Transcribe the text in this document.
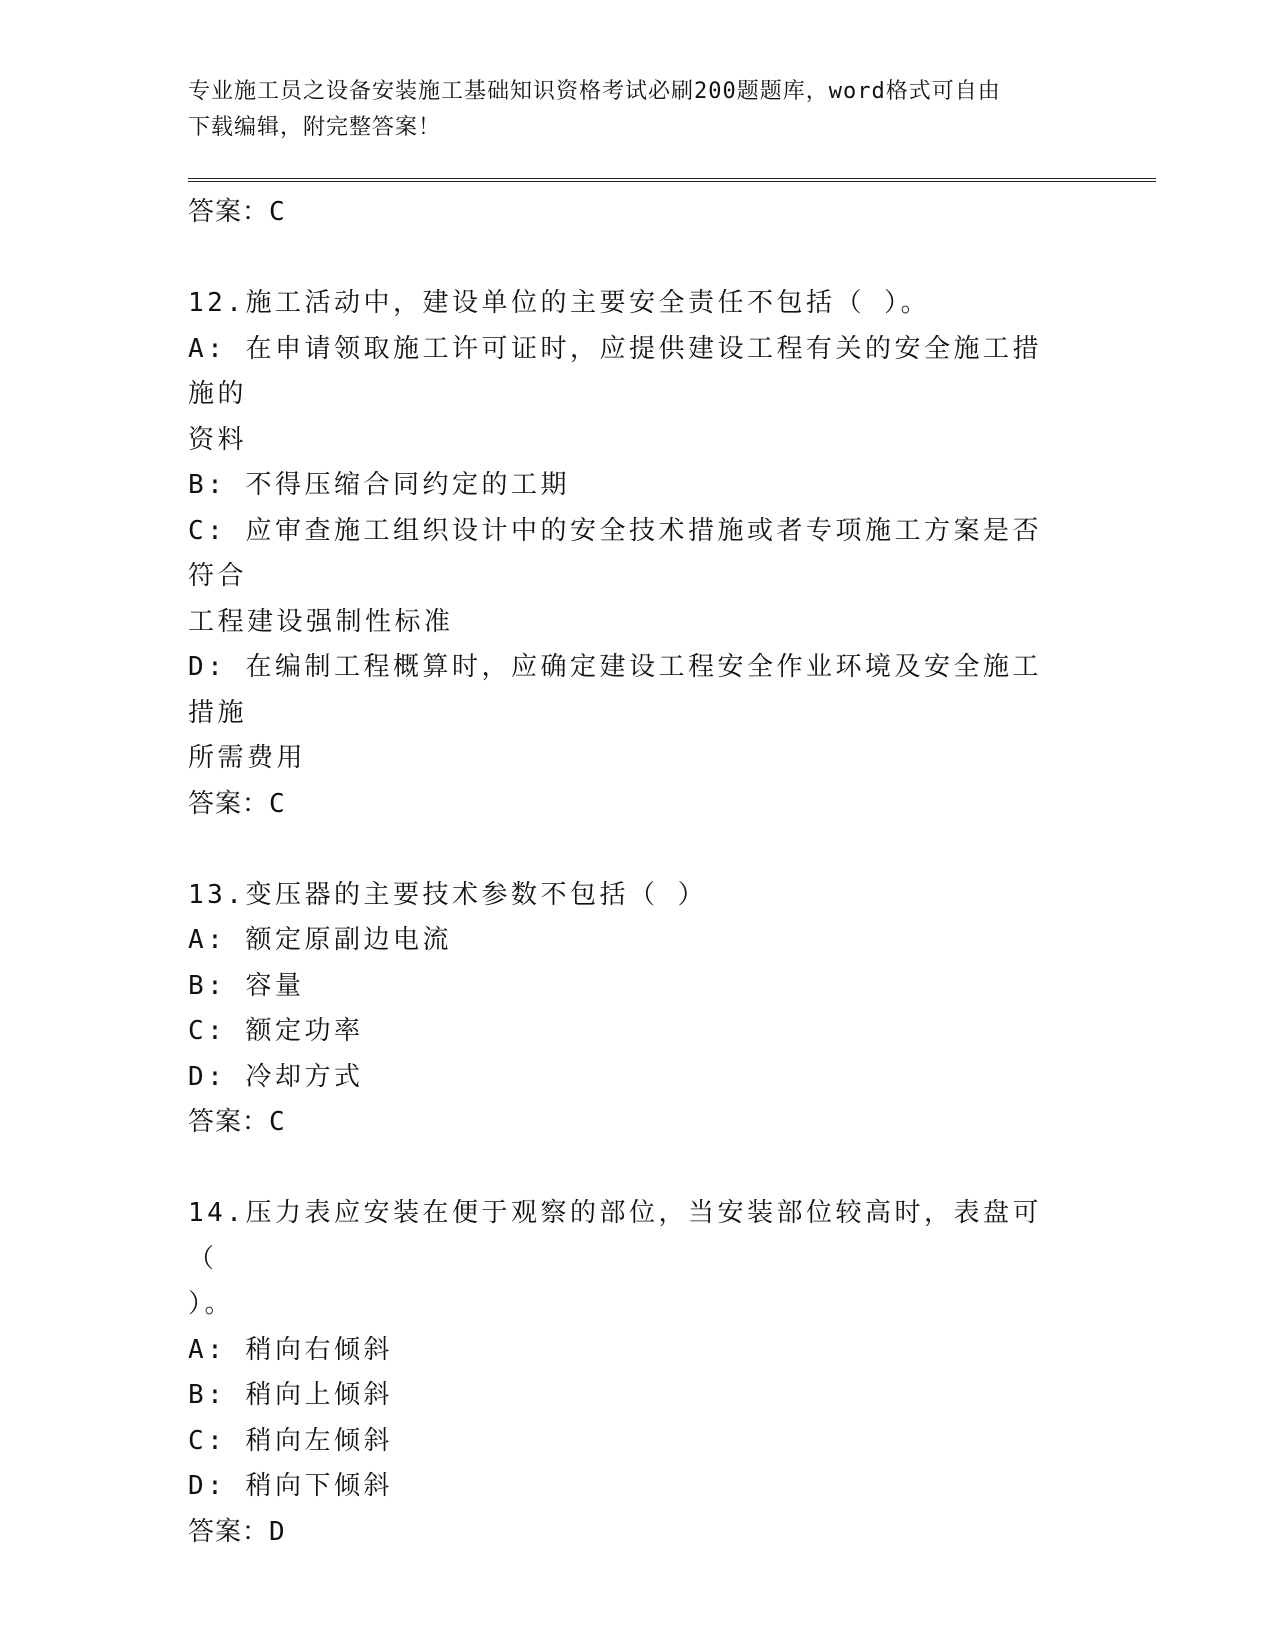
专业施工员之设备安装施工基础知识资格考试必刷200题题库，word格式可自由
下载编辑，附完整答案！
答案：C
12.施工活动中，建设单位的主要安全责任不包括（ ）。
A: 在申请领取施工许可证时，应提供建设工程有关的安全施工措施的
资料
B: 不得压缩合同约定的工期
C: 应审查施工组织设计中的安全技术措施或者专项施工方案是否符合
工程建设强制性标准
D: 在编制工程概算时，应确定建设工程安全作业环境及安全施工措施
所需费用
答案：C
13.变压器的主要技术参数不包括（ ）
A: 额定原副边电流
B: 容量
C: 额定功率
D: 冷却方式
答案：C
14.压力表应安装在便于观察的部位，当安装部位较高时，表盘可（
）。
A: 稍向右倾斜
B: 稍向上倾斜
C: 稍向左倾斜
D: 稍向下倾斜
答案：D
